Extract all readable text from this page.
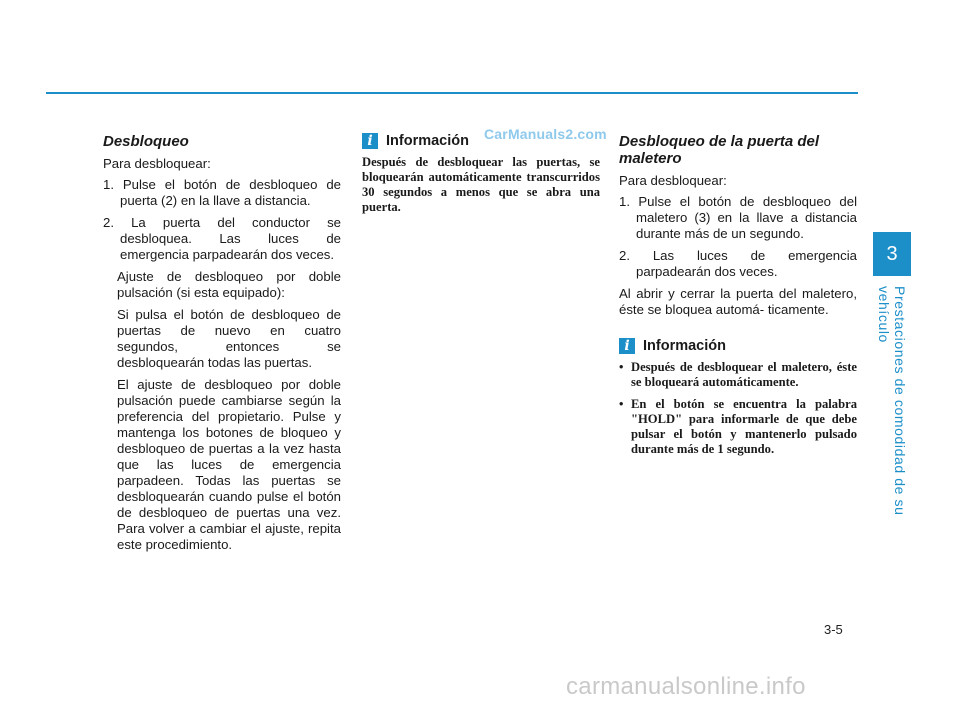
Desbloqueo

Para desbloquear:

1. Pulse el botón de desbloqueo de puerta (2) en la llave a distancia.

2. La puerta del conductor se desbloquea. Las luces de emergencia parpadearán dos veces.

Ajuste de desbloqueo por doble pulsación (si esta equipado):

Si pulsa el botón de desbloqueo de puertas de nuevo en cuatro segundos, entonces se desbloquearán todas las puertas.

El ajuste de desbloqueo por doble pulsación puede cambiarse según la preferencia del propietario. Pulse y mantenga los botones de bloqueo y desbloqueo de puertas a la vez hasta que las luces de emergencia parpadeen. Todas las puertas se desbloquearán cuando pulse el botón de desbloqueo de puertas una vez. Para volver a cambiar el ajuste, repita este procedimiento.

i Información

Después de desbloquear las puertas, se bloquearán automáticamente transcurridos 30 segundos a menos que se abra una puerta.

CarManuals2.com Desbloqueo de la puerta del maletero

Para desbloquear:

1. Pulse el botón de desbloqueo del maletero (3) en la llave a distancia durante más de un segundo.

2. Las luces de emergencia parpadearán dos veces.

Al abrir y cerrar la puerta del maletero, éste se bloquea automá- ticamente.

i Información
• Después de desbloquear el maletero, éste se bloqueará automáticamente.
• En el botón se encuentra la palabra "HOLD" para informarle de que debe pulsar el botón y mantenerlo pulsado durante más de 1 segundo.
3
Prestaciones de comodidad de su vehículo
3-5
carmanualsonline.info
